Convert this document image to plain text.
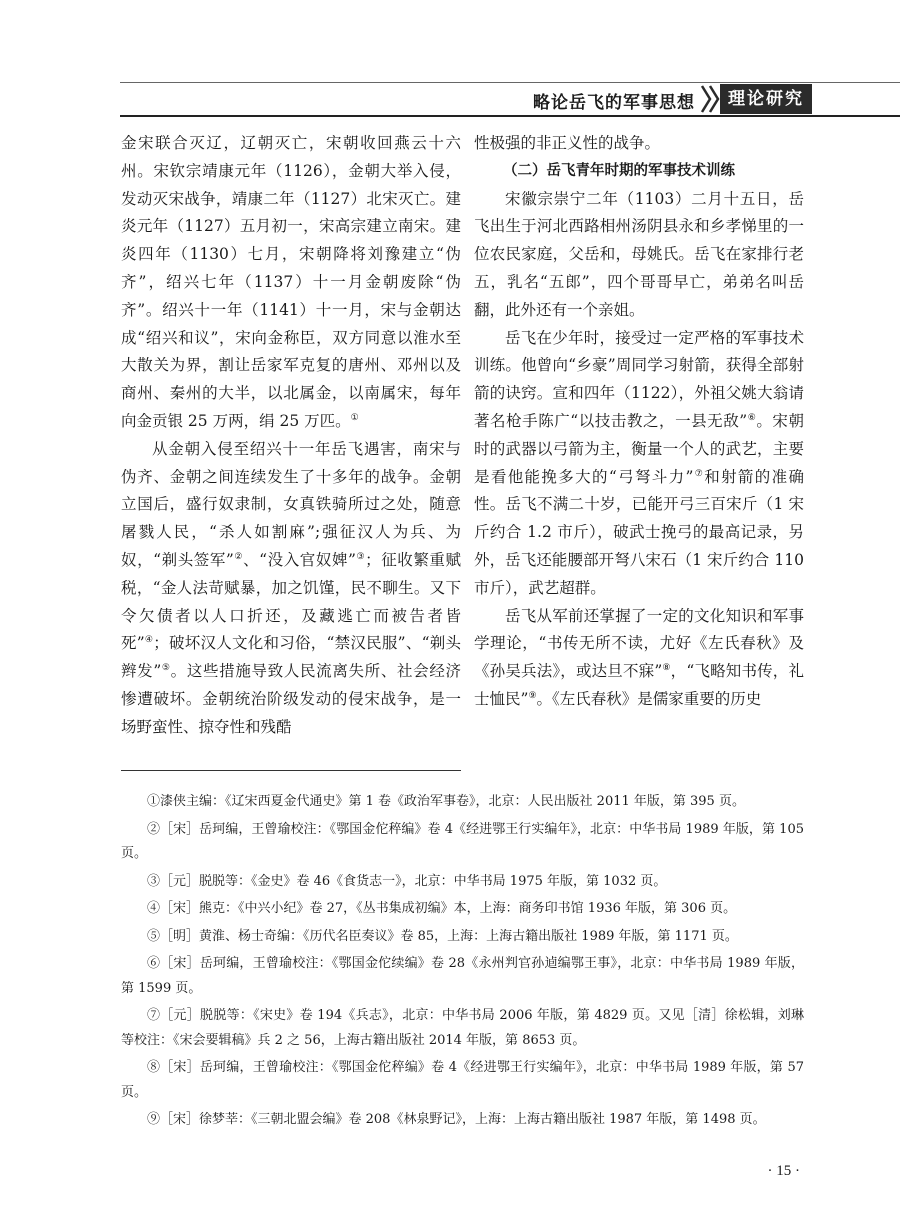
略论岳飞的军事思想	理论研究

金宋联合灭辽，辽朝灭亡，宋朝收回燕云十六州。宋钦宗靖康元年（1126），金朝大举入侵，发动灭宋战争，靖康二年（1127）北宋灭亡。建炎元年（1127）五月初一，宋高宗建立南宋。建炎四年（1130）七月，宋朝降将刘豫建立“伪齐”，绍兴七年（1137）十一月金朝废除“伪齐”。绍兴十一年（1141）十一月，宋与金朝达成“绍兴和议”，宋向金称臣，双方同意以淮水至大散关为界，割让岳家军克复的唐州、邓州以及商州、秦州的大半，以北属金，以南属宋，每年向金贡银 25 万两，绢 25 万匹。①

从金朝入侵至绍兴十一年岳飞遇害，南宋与伪齐、金朝之间连续发生了十多年的战争。金朝立国后，盛行奴隶制，女真铁骑所过之处，随意屠戮人民，“杀人如割麻”;强征汉人为兵、为奴，“剃头签军”②、“没入官奴婢”③；征收繁重赋税，“金人法苛赋暴，加之饥馑，民不聊生。又下令欠债者以人口折还，及藏逃亡而被告者皆死”④；破坏汉人文化和习俗，“禁汉民服”、“剃头辫发”⑤。这些措施导致人民流离失所、社会经济惨遭破坏。金朝统治阶级发动的侵宋战争，是一场野蛮性、掠夺性和残酷

性极强的非正义性的战争。

（二）岳飞青年时期的军事技术训练

宋徽宗崇宁二年（1103）二月十五日，岳飞出生于河北西路相州汤阴县永和乡孝悌里的一位农民家庭，父岳和，母姚氏。岳飞在家排行老五，乳名“五郎”，四个哥哥早亡，弟弟名叫岳翻，此外还有一个亲姐。

岳飞在少年时，接受过一定严格的军事技术训练。他曾向“乡豪”周同学习射箭，获得全部射箭的诀窍。宣和四年（1122），外祖父姚大翁请著名枪手陈广“以技击教之，一县无敌”⑥。宋朝时的武器以弓箭为主，衡量一个人的武艺，主要是看他能挽多大的“弓弩斗力”⑦和射箭的准确性。岳飞不满二十岁，已能开弓三百宋斤（1 宋斤约合 1.2 市斤），破武士挽弓的最高记录，另外，岳飞还能腰部开弩八宋石（1 宋斤约合 110 市斤），武艺超群。

岳飞从军前还掌握了一定的文化知识和军事学理论，“书传无所不读，尤好《左氏春秋》及《孙吴兵法》，或达旦不寐”⑧，“飞略知书传，礼士恤民”⑨。《左氏春秋》是儒家重要的历史

①漆侠主编：《辽宋西夏金代通史》第 1 卷《政治军事卷》，北京：人民出版社 2011 年版，第 395 页。

②［宋］岳珂编，王曾瑜校注：《鄂国金佗稡编》卷 4《经进鄂王行实编年》，北京：中华书局 1989 年版，第 105 页。

③［元］脱脱等：《金史》卷 46《食货志一》，北京：中华书局 1975 年版，第 1032 页。

④［宋］熊克：《中兴小纪》卷 27，《丛书集成初编》本，上海：商务印书馆 1936 年版，第 306 页。

⑤［明］黄淮、杨士奇编：《历代名臣奏议》卷 85，上海：上海古籍出版社 1989 年版，第 1171 页。

⑥［宋］岳珂编，王曾瑜校注：《鄂国金佗续编》卷 28《永州判官孙逌编鄂王事》，北京：中华书局 1989 年版，第 1599 页。

⑦［元］脱脱等：《宋史》卷 194《兵志》，北京：中华书局 2006 年版，第 4829 页。又见［清］徐松辑，刘琳等校注：《宋会要辑稿》兵 2 之 56，上海古籍出版社 2014 年版，第 8653 页。

⑧［宋］岳珂编，王曾瑜校注：《鄂国金佗稡编》卷 4《经进鄂王行实编年》，北京：中华书局 1989 年版，第 57 页。

⑨［宋］徐梦莘：《三朝北盟会编》卷 208《林泉野记》，上海：上海古籍出版社 1987 年版，第 1498 页。

· 15 ·
